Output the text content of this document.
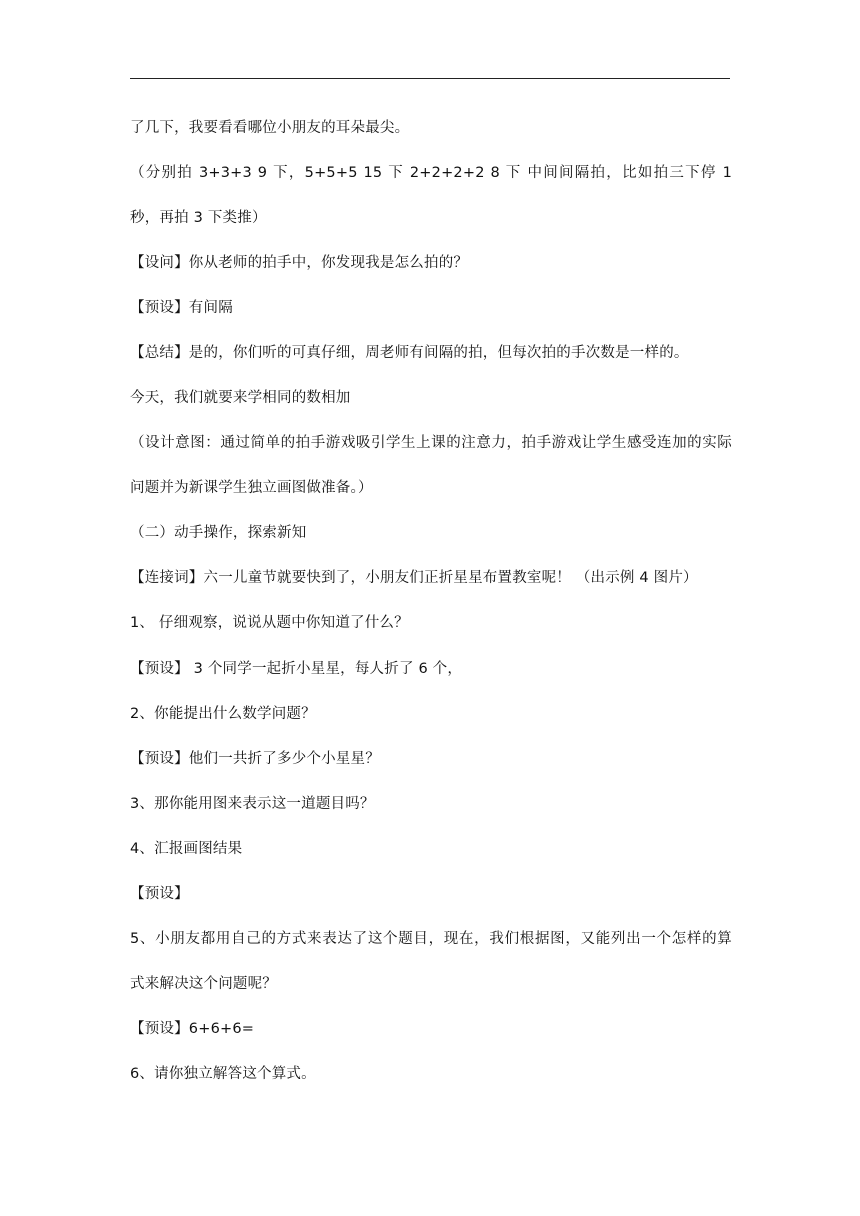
了几下，我要看看哪位小朋友的耳朵最尖。
（分别拍 3+3+3 9 下，5+5+5 15 下 2+2+2+2 8 下 中间间隔拍，比如拍三下停 1
秒，再拍 3 下类推）
【设问】你从老师的拍手中，你发现我是怎么拍的？
【预设】有间隔
【总结】是的，你们听的可真仔细，周老师有间隔的拍，但每次拍的手次数是一样的。
今天，我们就要来学相同的数相加
（设计意图：通过简单的拍手游戏吸引学生上课的注意力，拍手游戏让学生感受连加的实际
问题并为新课学生独立画图做准备。）
（二）动手操作，探索新知
【连接词】六一儿童节就要快到了，小朋友们正折星星布置教室呢！ （出示例 4 图片）
1、 仔细观察，说说从题中你知道了什么？
【预设】 3 个同学一起折小星星，每人折了 6 个，
2、你能提出什么数学问题？
【预设】他们一共折了多少个小星星？
3、那你能用图来表示这一道题目吗？
4、汇报画图结果
【预设】
5、小朋友都用自己的方式来表达了这个题目，现在，我们根据图，又能列出一个怎样的算
式来解决这个问题呢？
【预设】6+6+6=
6、请你独立解答这个算式。
